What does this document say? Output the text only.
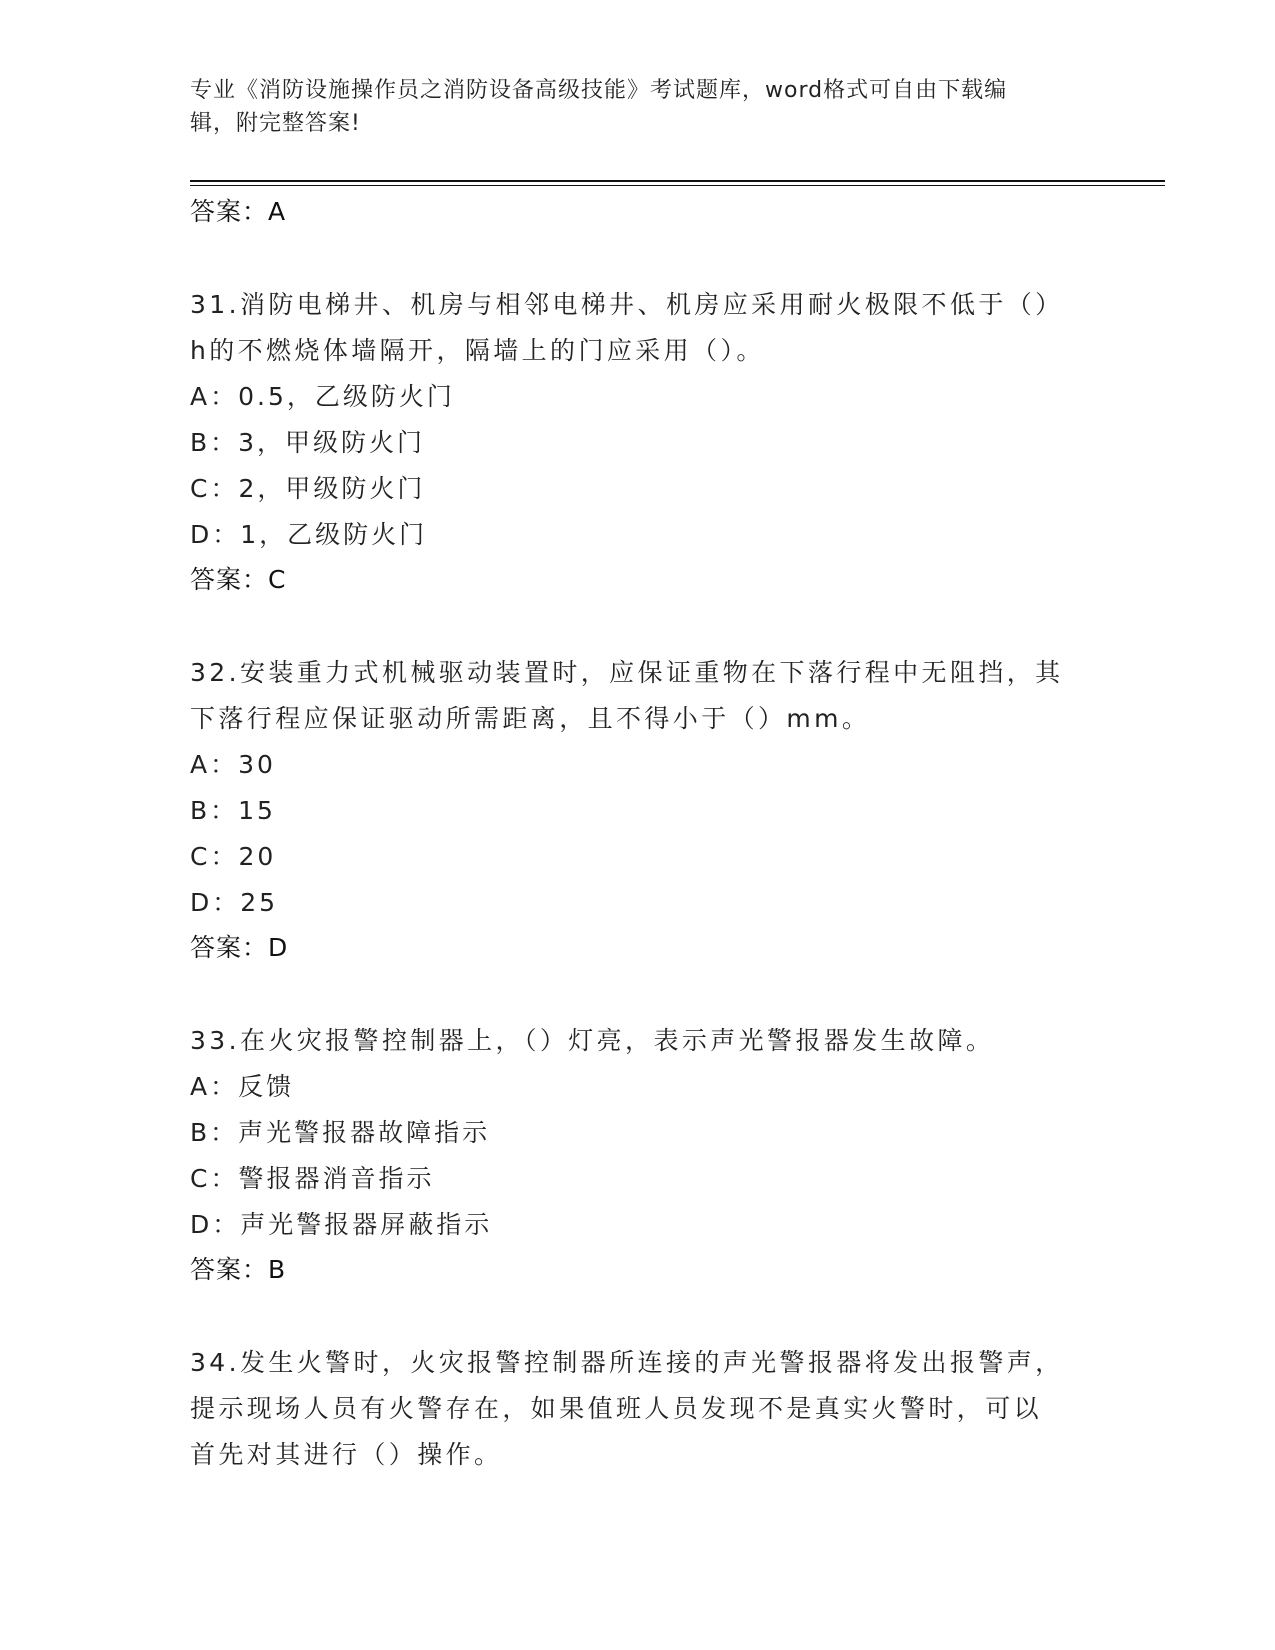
专业《消防设施操作员之消防设备高级技能》考试题库，word格式可自由下载编
辑，附完整答案!
答案：A
31.消防电梯井、机房与相邻电梯井、机房应采用耐火极限不低于（）
h的不燃烧体墙隔开，隔墙上的门应采用（）。
A：0.5，乙级防火门
B：3，甲级防火门
C：2，甲级防火门
D：1，乙级防火门
答案：C
32.安装重力式机械驱动装置时，应保证重物在下落行程中无阻挡，其
下落行程应保证驱动所需距离，且不得小于（）mm。
A：30
B：15
C：20
D：25
答案：D
33.在火灾报警控制器上，（）灯亮，表示声光警报器发生故障。
A：反馈
B：声光警报器故障指示
C：警报器消音指示
D：声光警报器屏蔽指示
答案：B
34.发生火警时，火灾报警控制器所连接的声光警报器将发出报警声，
提示现场人员有火警存在，如果值班人员发现不是真实火警时，可以
首先对其进行（）操作。
